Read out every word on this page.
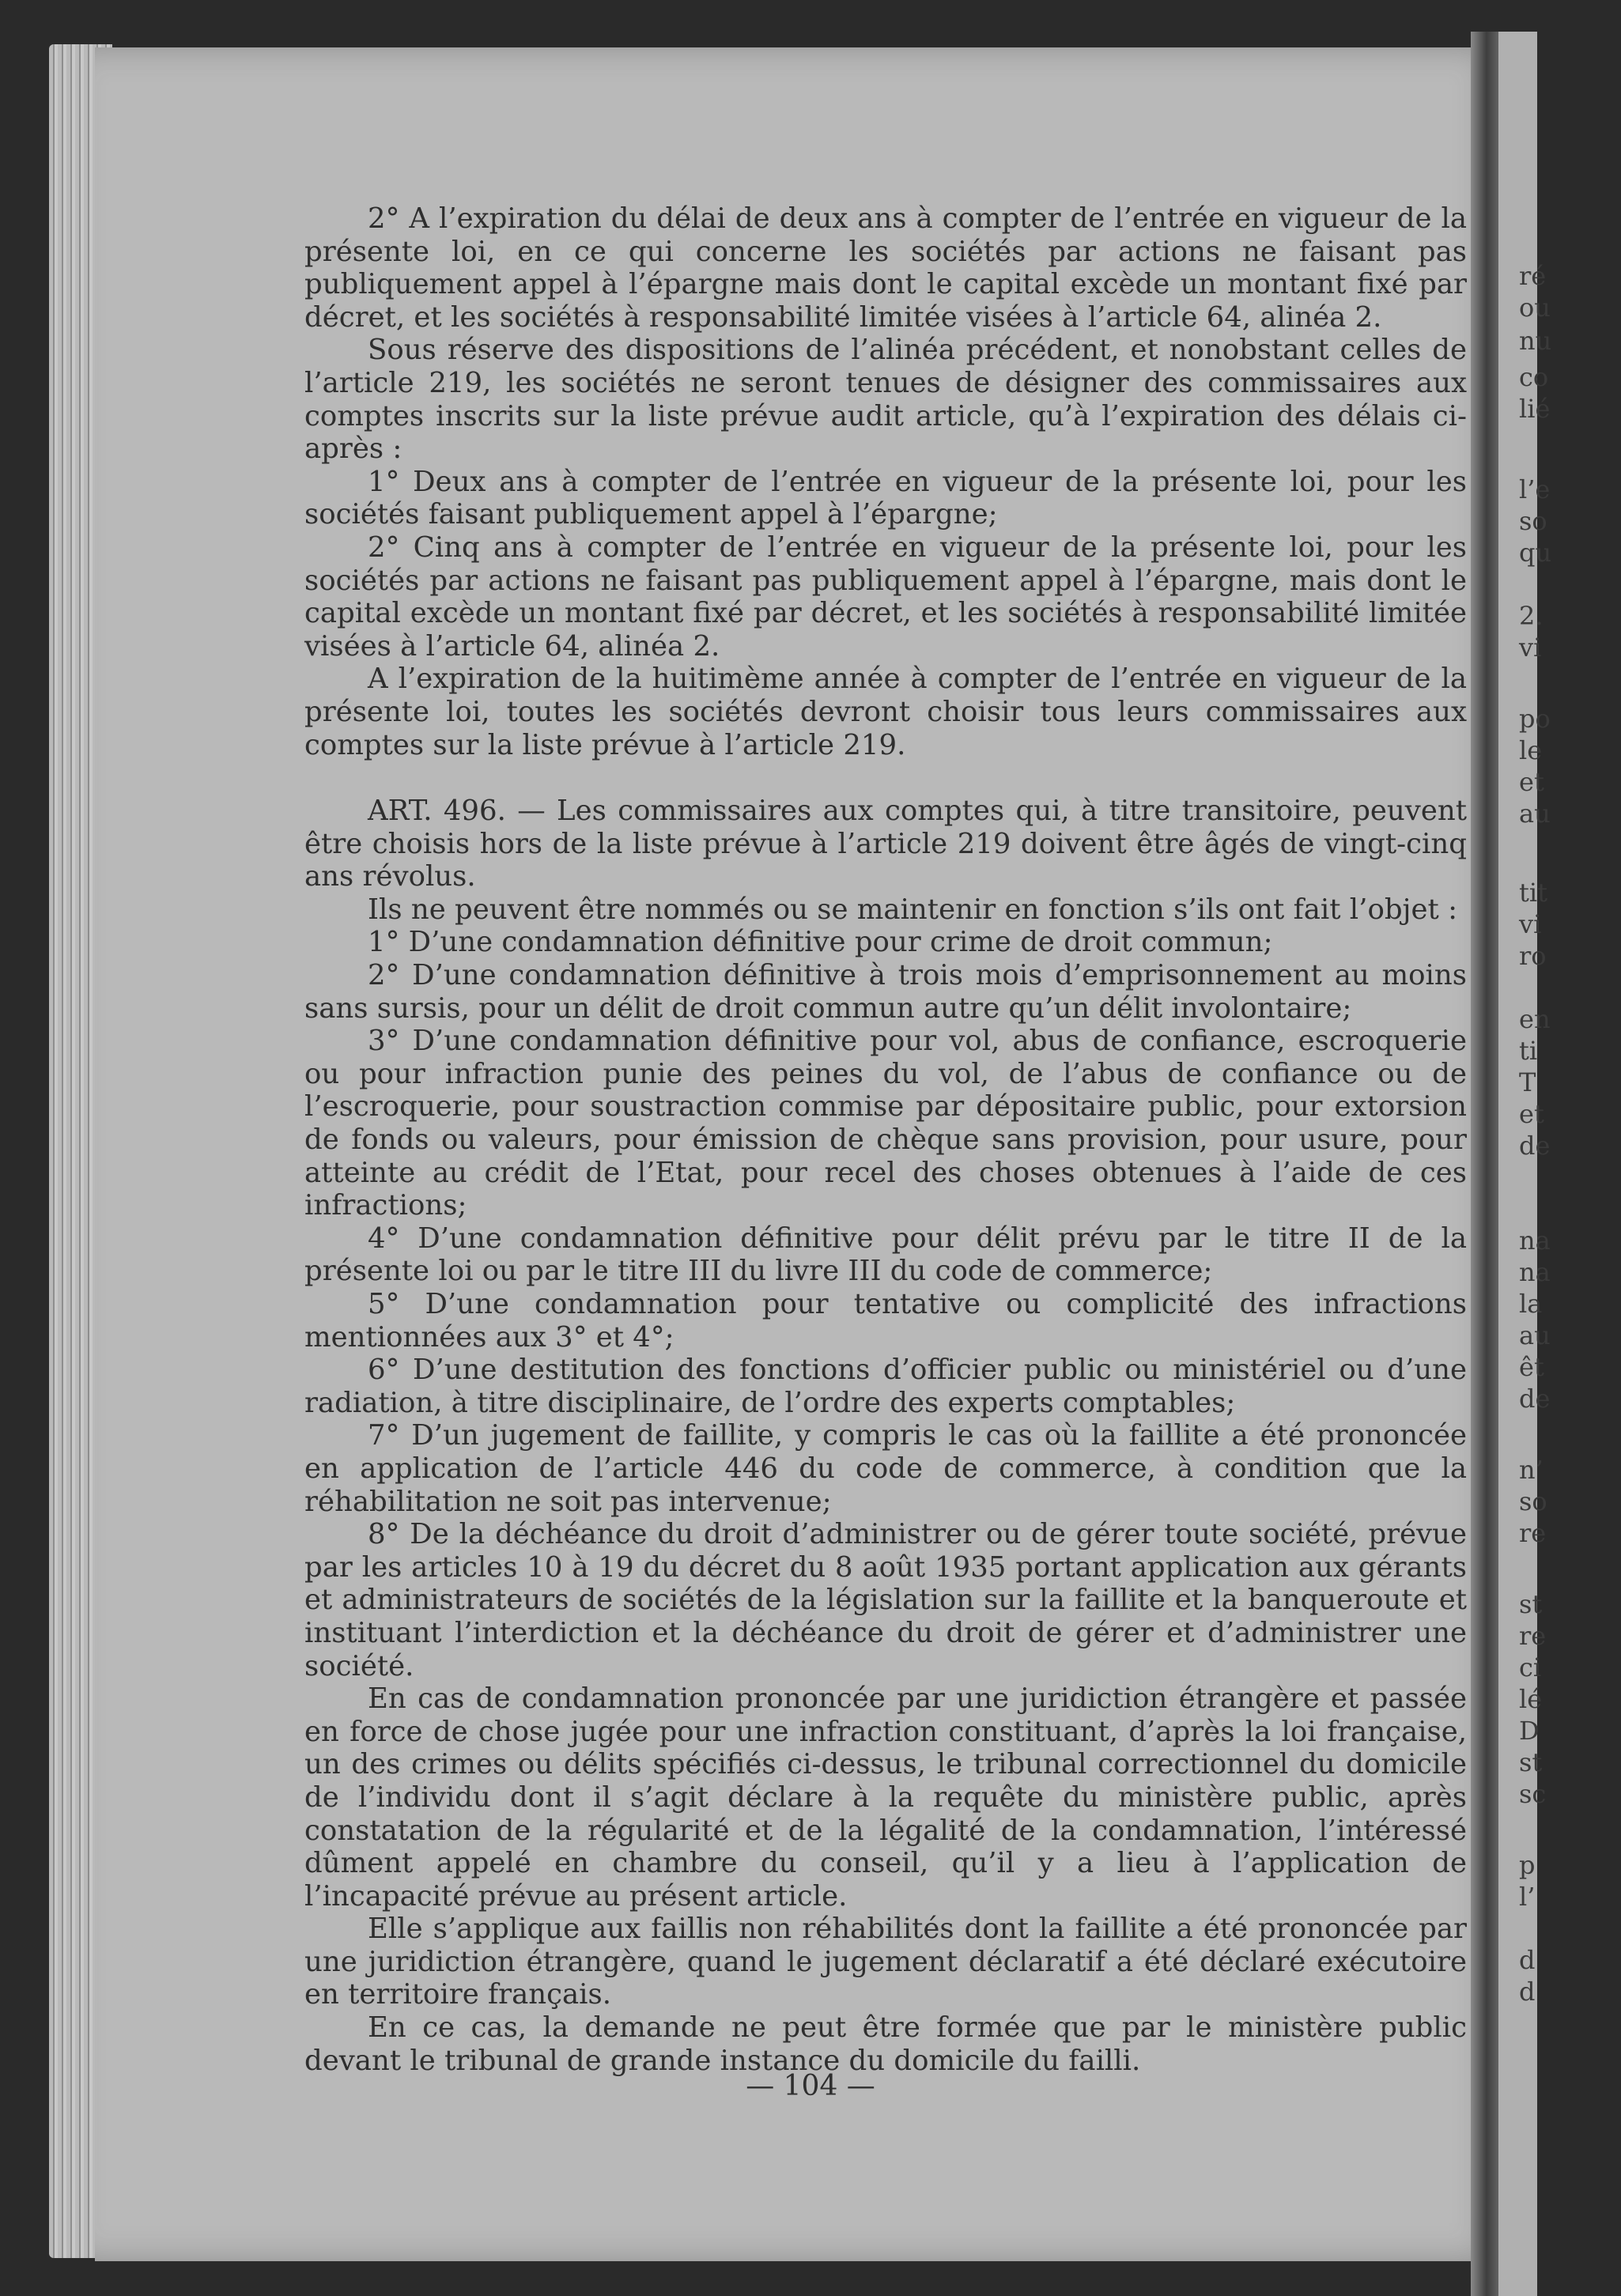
ré
ou
nu
co
lié
l’e
so
qu
2.
vi
po
le
et
au
tit
vi
ro
en
ti
T
et
de
na
na
la
au
êt
de
n’
so
re
st
re
ci
lé
D
st
sc
p
l’
d
d

2° A l’expiration du délai de deux ans à compter de l’entrée en vigueur de la présente loi, en ce qui concerne les sociétés par actions ne faisant pas publiquement appel à l’épargne mais dont le capital excède un montant fixé par décret, et les sociétés à responsabilité limitée visées à l’article 64, alinéa 2.

Sous réserve des dispositions de l’alinéa précédent, et nonobstant celles de l’article 219, les sociétés ne seront tenues de désigner des commissaires aux comptes inscrits sur la liste prévue audit article, qu’à l’expiration des délais ci-après :

1° Deux ans à compter de l’entrée en vigueur de la présente loi, pour les sociétés faisant publiquement appel à l’épargne;

2° Cinq ans à compter de l’entrée en vigueur de la présente loi, pour les sociétés par actions ne faisant pas publiquement appel à l’épargne, mais dont le capital excède un montant fixé par décret, et les sociétés à responsabilité limitée visées à l’article 64, alinéa 2.

A l’expiration de la huitimème année à compter de l’entrée en vigueur de la présente loi, toutes les sociétés devront choisir tous leurs commissaires aux comptes sur la liste prévue à l’article 219.

ART. 496. — Les commissaires aux comptes qui, à titre transitoire, peuvent être choisis hors de la liste prévue à l’article 219 doivent être âgés de vingt-cinq ans révolus.

Ils ne peuvent être nommés ou se maintenir en fonction s’ils ont fait l’objet :

1° D’une condamnation définitive pour crime de droit commun;

2° D’une condamnation définitive à trois mois d’emprisonnement au moins sans sursis, pour un délit de droit commun autre qu’un délit involontaire;

3° D’une condamnation définitive pour vol, abus de confiance, escroquerie ou pour infraction punie des peines du vol, de l’abus de confiance ou de l’escroquerie, pour soustraction commise par dépositaire public, pour extorsion de fonds ou valeurs, pour émission de chèque sans provision, pour usure, pour atteinte au crédit de l’Etat, pour recel des choses obtenues à l’aide de ces infractions;

4° D’une condamnation définitive pour délit prévu par le titre II de la présente loi ou par le titre III du livre III du code de commerce;

5° D’une condamnation pour tentative ou complicité des infractions mentionnées aux 3° et 4°;

6° D’une destitution des fonctions d’officier public ou ministériel ou d’une radiation, à titre disciplinaire, de l’ordre des experts comptables;

7° D’un jugement de faillite, y compris le cas où la faillite a été prononcée en application de l’article 446 du code de commerce, à condition que la réhabilitation ne soit pas intervenue;

8° De la déchéance du droit d’administrer ou de gérer toute société, prévue par les articles 10 à 19 du décret du 8 août 1935 portant application aux gérants et administrateurs de sociétés de la législation sur la faillite et la banqueroute et instituant l’interdiction et la déchéance du droit de gérer et d’administrer une société.

En cas de condamnation prononcée par une juridiction étrangère et passée en force de chose jugée pour une infraction constituant, d’après la loi française, un des crimes ou délits spécifiés ci-dessus, le tribunal correctionnel du domicile de l’individu dont il s’agit déclare à la requête du ministère public, après constatation de la régularité et de la légalité de la condamnation, l’intéressé dûment appelé en chambre du conseil, qu’il y a lieu à l’application de l’incapacité prévue au présent article.

Elle s’applique aux faillis non réhabilités dont la faillite a été prononcée par une juridiction étrangère, quand le jugement déclaratif a été déclaré exécutoire en territoire français.

En ce cas, la demande ne peut être formée que par le ministère public devant le tribunal de grande instance du domicile du failli.

— 104 —
